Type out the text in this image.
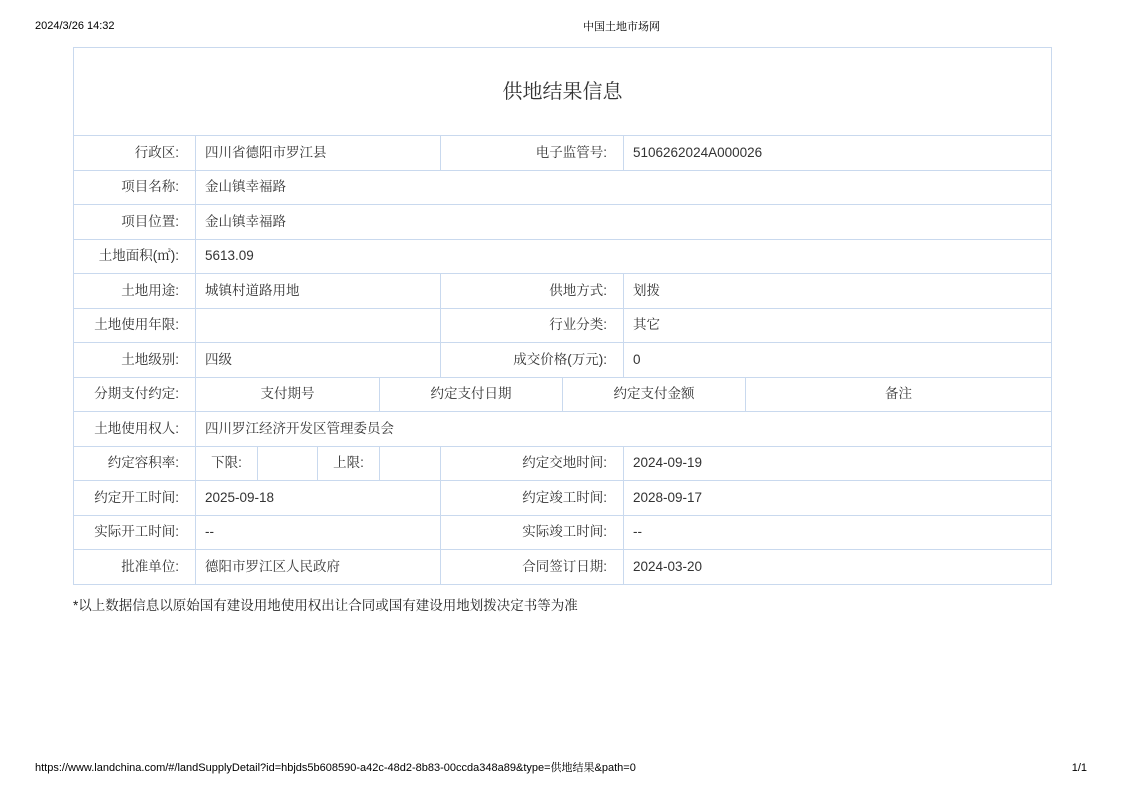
2024/3/26 14:32	中国土地市场网
供地结果信息								
行政区:	四川省德阳市罗江县				电子监管号:		5106262024A000026	
项目名称:	金山镇幸福路							
项目位置:	金山镇幸福路							
土地面积(㎡):	5613.09							
土地用途:	城镇村道路用地				供地方式:		划拨	
土地使用年限:					行业分类:		其它	
土地级别:	四级				成交价格(万元):		0	
分期支付约定:	支付期号			约定支付日期		约定支付金额		备注
土地使用权人:	四川罗江经济开发区管理委员会							
约定容积率:	下限:		上限:		约定交地时间:		2024-09-19	
约定开工时间:	2025-09-18				约定竣工时间:		2028-09-17	
实际开工时间:	--				实际竣工时间:		--	
批准单位:	德阳市罗江区人民政府				合同签订日期:		2024-03-20	
*以上数据信息以原始国有建设用地使用权出让合同或国有建设用地划拨决定书等为准
https://www.landchina.com/#/landSupplyDetail?id=hbjds5b608590-a42c-48d2-8b83-00ccda348a89&type=供地结果&path=0	1/1
